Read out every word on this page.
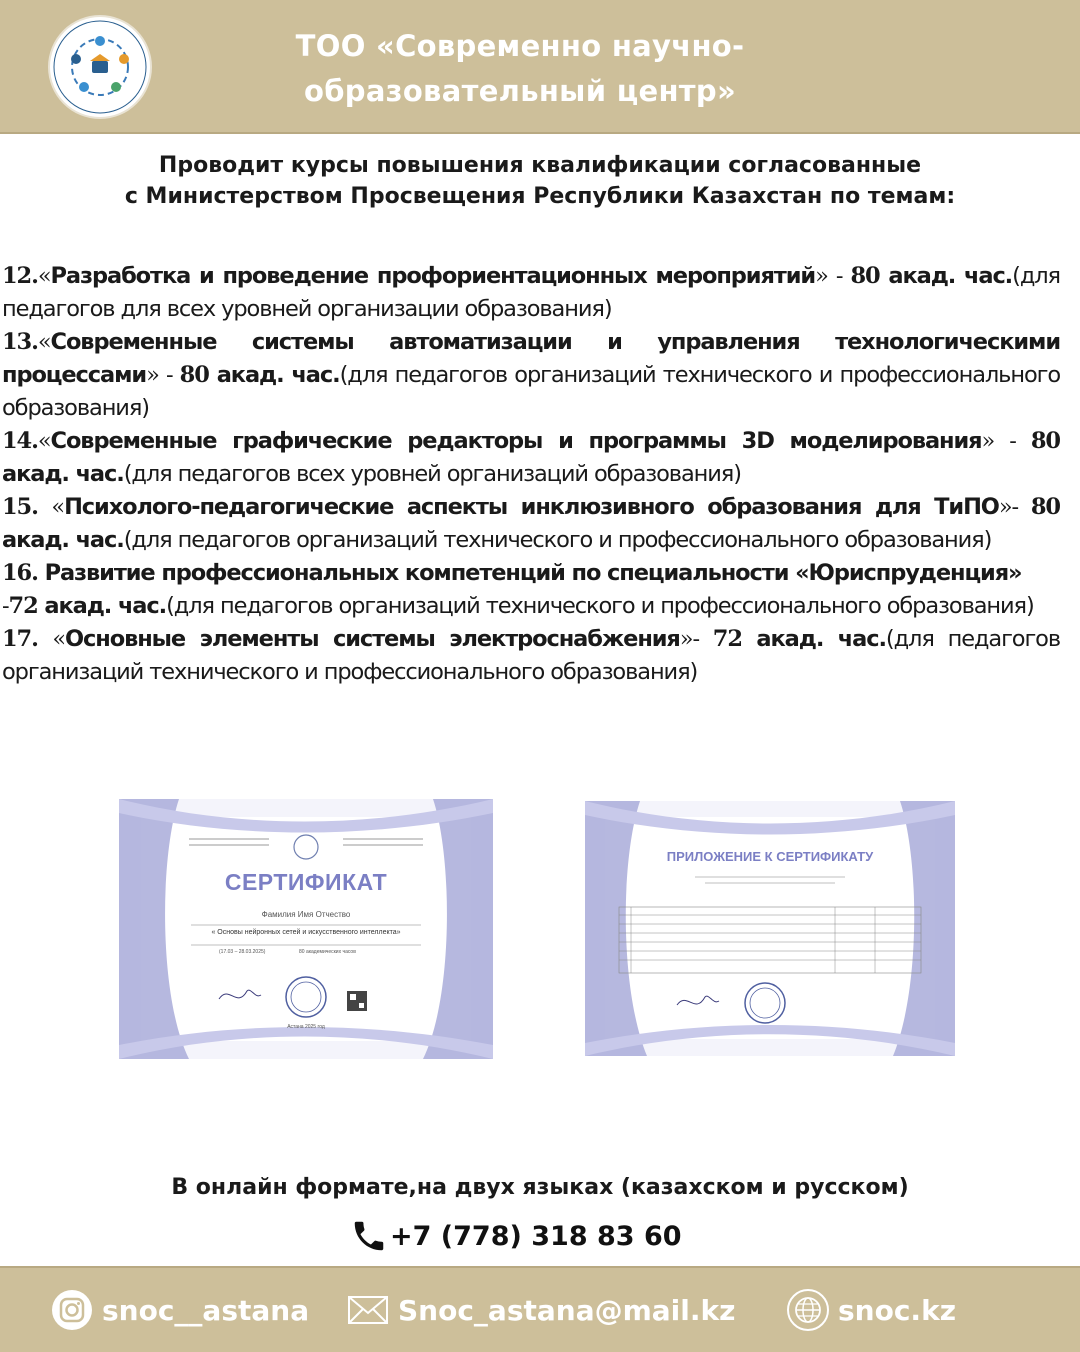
ТОО «Современно научно-образовательный центр»
Проводит курсы повышения квалификации согласованные
с Министерством Просвещения Республики Казахстан по темам:

12.«Разработка и проведение профориентационных мероприятий» - 80 акад. час.(для педагогов для всех уровней организации образования)

13.«Современные системы автоматизации и управления технологическими процессами» - 80 акад. час.(для педагогов организаций технического и профессионального образования)

14.«Современные графические редакторы и программы 3D моделирования» - 80 акад. час.(для педагогов всех уровней организаций образования)

15. «Психолого-педагогические аспекты инклюзивного образования для ТиПО»- 80 акад. час.(для педагогов организаций технического и профессионального образования)

16. Развитие профессиональных компетенций по специальности «Юриспруденция»
-72 акад. час.(для педагогов организаций технического и профессионального образования)

17. «Основные элементы системы электроснабжения»- 72 акад. час.(для педагогов организаций технического и профессионального образования)

СЕРТИФИКАТ
Фамилия Имя Отчество
« Основы нейронных сетей и искусственного интеллекта»
(17.03 – 28.03.2025)	80 академических часов
Астана 2025 год
ПРИЛОЖЕНИЕ К СЕРТИФИКАТУ
В онлайн формате,на двух языках (казахском и русском)
+7 (778) 318 83 60
snoc__astana	Snoc_astana@mail.kz	snoc.kz
